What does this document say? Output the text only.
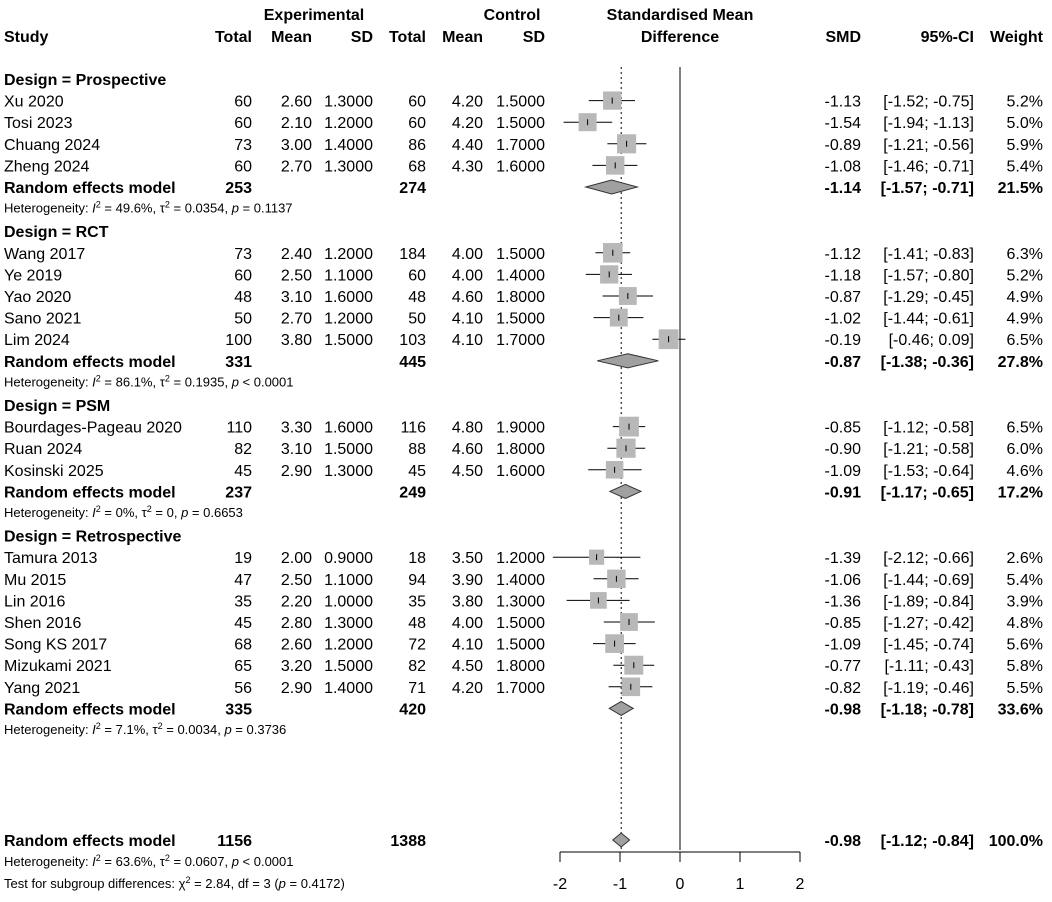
Experimental	Control	Standardised Mean
Difference
Study	Total Mean SD Total Mean SD	SMD	95%-CI Weight
Design = Prospective
Xu 2020	60 2.60 1.3000 60 4.20 1.5000	-1.13 [-1.52; -0.75] 5.2%
Tosi 2023	60 2.10 1.2000 60 4.20 1.5000	-1.54 [-1.94; -1.13] 5.0%
Chuang 2024	73 3.00 1.4000 86 4.40 1.7000	-0.89 [-1.21; -0.56] 5.9%
Zheng 2024	60 2.70 1.3000 68 4.30 1.6000	-1.08 [-1.46; -0.71] 5.4%
Random effects model	253	274	-1.14 [-1.57; -0.71] 21.5%
Heterogeneity: $I^2 = 49.6\%$, $\tau^2 = 0.0354$, p = 0.1137
Design = RCT
Wang 2017	73 2.40 1.2000 184 4.00 1.5000	-1.12 [-1.41; -0.83] 6.3%
Ye 2019	60 2.50 1.1000 60 4.00 1.4000	-1.18 [-1.57; -0.80] 5.2%
Yao 2020	48 3.10 1.6000 48 4.60 1.8000	-0.87 [-1.29; -0.45] 4.9%
Sano 2021	50 2.70 1.2000 50 4.10 1.5000	-1.02 [-1.44; -0.61] 4.9%
Lim 2024	100 3.80 1.5000 103 4.10 1.7000	-0.19 [-0.46; 0.09] 6.5%
Random effects model	331	445	-0.87 [-1.38; -0.36] 27.8%
Heterogeneity: $I^2 = 86.1\%$, $\tau^2 = 0.1935$, p < 0.0001
Design = PSM
Bourdages-Pageau 2020	110 3.30 1.6000 116 4.80 1.9000	-0.85 [-1.12; -0.58] 6.5%
Ruan 2024	82 3.10 1.5000 88 4.60 1.8000	-0.90 [-1.21; -0.58] 6.0%
Kosinski 2025	45 2.90 1.3000 45 4.50 1.6000	-1.09 [-1.53; -0.64] 4.6%
Random effects model	237	249	-0.91 [-1.17; -0.65] 17.2%
Heterogeneity: $I^2 = 0\%$, $\tau^2 = 0$, p = 0.6653
Design = Retrospective
Tamura 2013	19 2.00 0.9000 18 3.50 1.2000	-1.39 [-2.12; -0.66] 2.6%
Mu 2015	47 2.50 1.1000 94 3.90 1.4000	-1.06 [-1.44; -0.69] 5.4%
Lin 2016	35 2.20 1.0000 35 3.80 1.3000	-1.36 [-1.89; -0.84] 3.9%
Shen 2016	45 2.80 1.3000 48 4.00 1.5000	-0.85 [-1.27; -0.42] 4.8%
Song KS 2017	68 2.60 1.2000 72 4.10 1.5000	-1.09 [-1.45; -0.74] 5.6%
Mizukami 2021	65 3.20 1.5000 82 4.50 1.8000	-0.77 [-1.11; -0.43] 5.8%
Yang 2021	56 2.90 1.4000 71 4.20 1.7000	-0.82 [-1.19; -0.46] 5.5%
Random effects model	335	420	-0.98 [-1.18; -0.78] 33.6%
Heterogeneity: $I^2 = 7.1\%$, $\tau^2 = 0.0034$, p = 0.3736
Random effects model	1156	1388	-0.98 [-1.12; -0.84] 100.0%
Heterogeneity: $I^2 = 63.6\%$, $\tau^2 = 0.0607$, p < 0.0001
Test for subgroup differences: $\chi^2 = 2.84$, df = 3 (p = 0.4172)	-2	-1	0	1	2
